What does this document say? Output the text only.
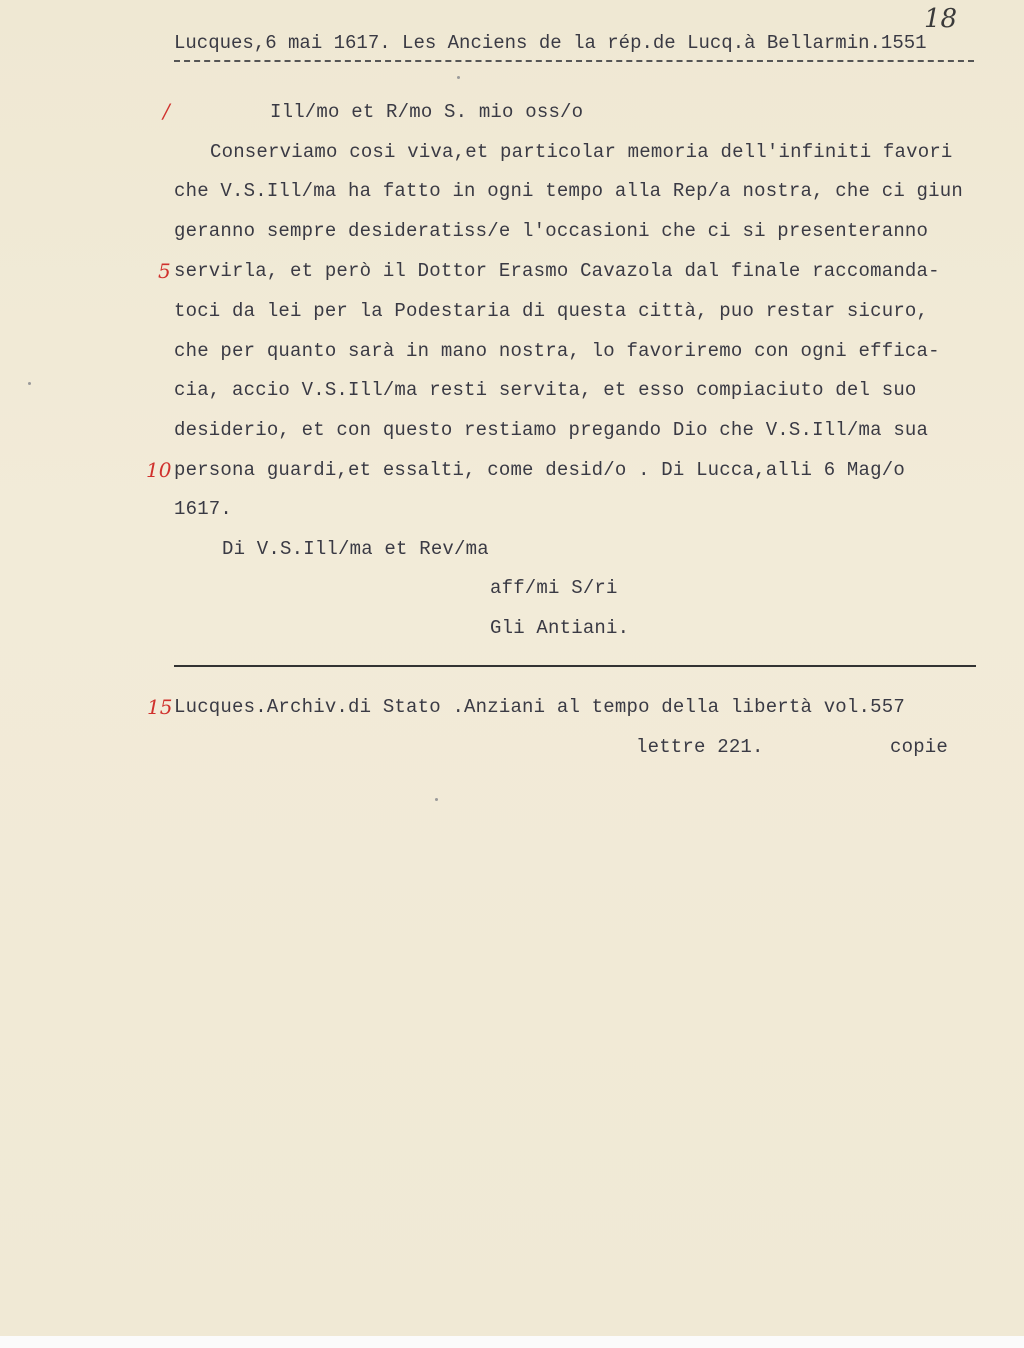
Lucques,6 mai 1617. Les Anciens de la rép.de Lucq.à Bellarmin.1551
18
/	Ill/mo et R/mo S. mio oss/o
Conserviamo cosi viva,et particolar memoria dell'infiniti favori
che V.S.Ill/ma ha fatto in ogni tempo alla Rep/a nostra, che ci giun
geranno sempre desideratiss/e l'occasioni che ci si presenteranno
5 servirla, et però il Dottor Erasmo Cavazola dal finale raccomanda-
toci da lei per la Podestaria di questa città, puo restar sicuro,
che per quanto sarà in mano nostra, lo favoriremo con ogni effica-
cia, accio V.S.Ill/ma resti servita, et esso compiaciuto del suo
desiderio, et con questo restiamo pregando Dio che V.S.Ill/ma sua
10 persona guardi,et essalti, come desid/o . Di Lucca,alli 6 Mag/o
1617.
Di V.S.Ill/ma et Rev/ma
aff/mi S/ri
Gli Antiani.
15 Lucques.Archiv.di Stato .Anziani al tempo della libertà vol.557
lettre 221.	copie
